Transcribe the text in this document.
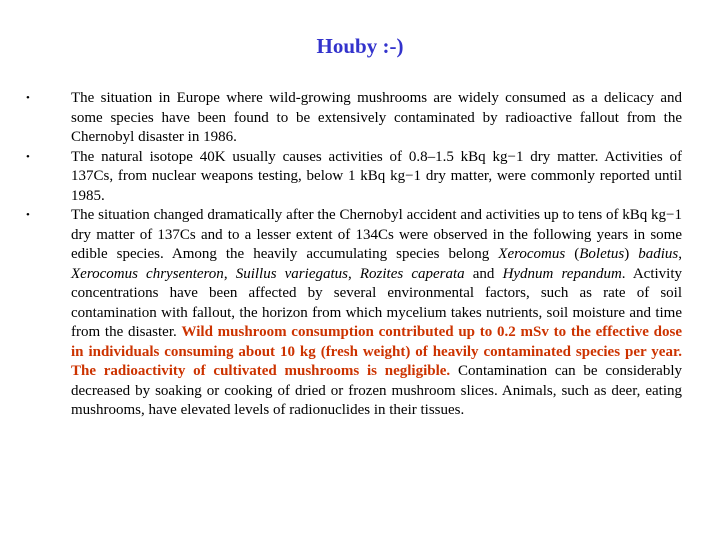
Houby :-)
•	The situation in Europe where wild-growing mushrooms are widely consumed as a delicacy and some species have been found to be extensively contaminated by radioactive fallout from the Chernobyl disaster in 1986.
•	The natural isotope 40K usually causes activities of 0.8–1.5 kBq kg−1 dry matter. Activities of 137Cs, from nuclear weapons testing, below 1 kBq kg−1 dry matter, were commonly reported until 1985.
•	The situation changed dramatically after the Chernobyl accident and activities up to tens of kBq kg−1 dry matter of 137Cs and to a lesser extent of 134Cs were observed in the following years in some edible species. Among the heavily accumulating species belong Xerocomus (Boletus) badius, Xerocomus chrysenteron, Suillus variegatus, Rozites caperata and Hydnum repandum. Activity concentrations have been affected by several environmental factors, such as rate of soil contamination with fallout, the horizon from which mycelium takes nutrients, soil moisture and time from the disaster. Wild mushroom consumption contributed up to 0.2 mSv to the effective dose in individuals consuming about 10 kg (fresh weight) of heavily contaminated species per year. The radioactivity of cultivated mushrooms is negligible. Contamination can be considerably decreased by soaking or cooking of dried or frozen mushroom slices. Animals, such as deer, eating mushrooms, have elevated levels of radionuclides in their tissues.
